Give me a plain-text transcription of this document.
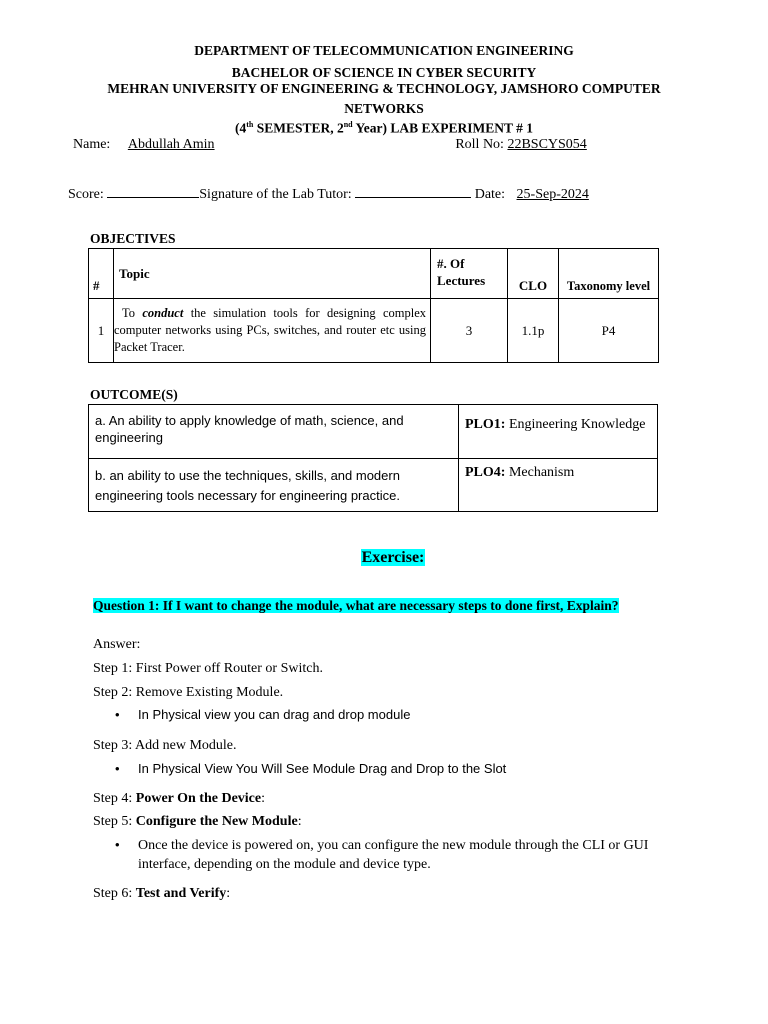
DEPARTMENT OF TELECOMMUNICATION ENGINEERING
BACHELOR OF SCIENCE IN CYBER SECURITY
MEHRAN UNIVERSITY OF ENGINEERING & TECHNOLOGY, JAMSHORO COMPUTER
NETWORKS
(4th SEMESTER, 2nd Year) LAB EXPERIMENT # 1
Name: Abdullah Amin	Roll No: 22BSCYS054
Score:	Signature of the Lab Tutor:	Date: 25-Sep-2024
OBJECTIVES
#	Topic	#. Of Lectures	CLO	Taxonomy level
1	To conduct the simulation tools for designing complex computer networks using PCs, switches, and router etc using Packet Tracer.	3	1.1p	P4
OUTCOME(S)
a. An ability to apply knowledge of math, science, and engineering	PLO1: Engineering Knowledge
b. an ability to use the techniques, skills, and modern engineering tools necessary for engineering practice.	PLO4: Mechanism
Exercise:
Question 1: If I want to change the module, what are necessary steps to done first, Explain?
Answer:
Step 1: First Power off Router or Switch.
Step 2: Remove Existing Module.
• In Physical view you can drag and drop module
Step 3: Add new Module.
• In Physical View You Will See Module Drag and Drop to the Slot
Step 4: Power On the Device:
Step 5: Configure the New Module:
• Once the device is powered on, you can configure the new module through the CLI or GUI interface, depending on the module and device type.
Step 6: Test and Verify:
